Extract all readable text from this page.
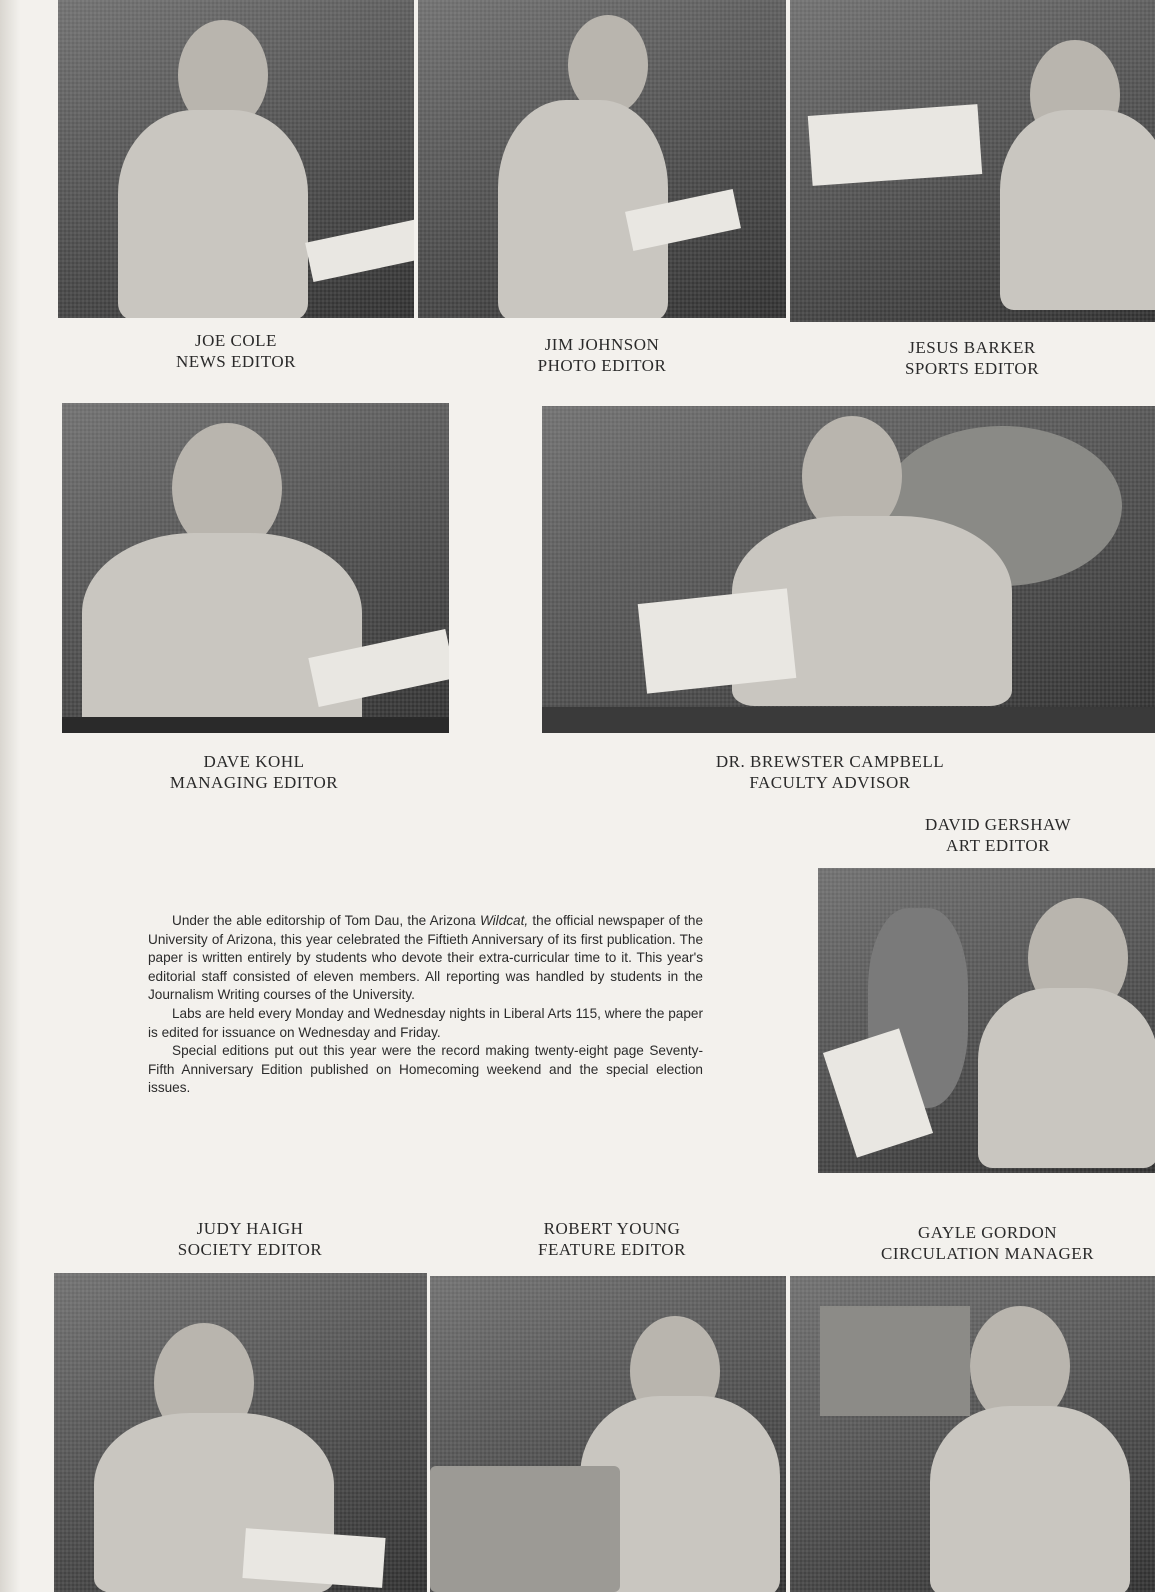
JOE COLE
NEWS EDITOR
JIM JOHNSON
PHOTO EDITOR
JESUS BARKER
SPORTS EDITOR
DAVE KOHL
MANAGING EDITOR
DR. BREWSTER CAMPBELL
FACULTY ADVISOR
DAVID GERSHAW
ART EDITOR

Under the able editorship of Tom Dau, the Arizona Wildcat, the official newspaper of the University of Arizona, this year celebrated the Fiftieth Anniversary of its first publication. The paper is written entirely by students who devote their extra-curricular time to it. This year's editorial staff consisted of eleven members. All reporting was handled by students in the Journalism Writing courses of the University.

Labs are held every Monday and Wednesday nights in Liberal Arts 115, where the paper is edited for issuance on Wednesday and Friday.

Special editions put out this year were the record making twenty-eight page Seventy-Fifth Anniversary Edition published on Homecoming weekend and the special election issues.

JUDY HAIGH
SOCIETY EDITOR
ROBERT YOUNG
FEATURE EDITOR
GAYLE GORDON
CIRCULATION MANAGER
